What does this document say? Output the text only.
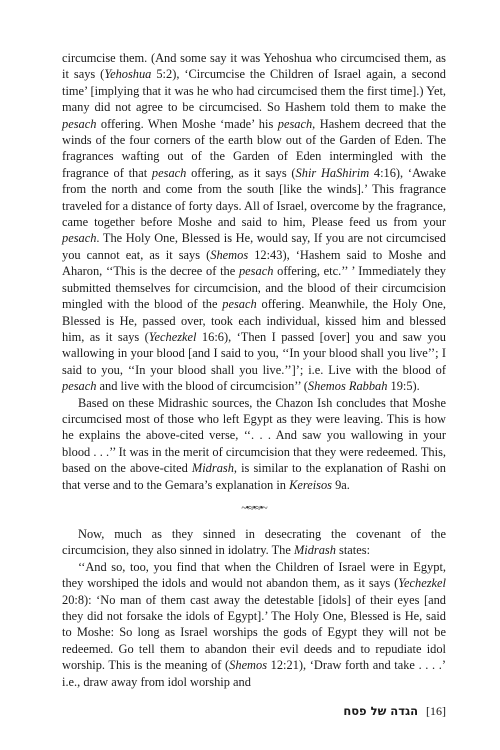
circumcise them. (And some say it was Yehoshua who circumcised them, as it says (Yehoshua 5:2), ‘Circumcise the Children of Israel again, a second time’ [implying that it was he who had circumcised them the first time].) Yet, many did not agree to be circumcised. So Hashem told them to make the pesach offering. When Moshe ‘made’ his pesach, Hashem decreed that the winds of the four corners of the earth blow out of the Garden of Eden. The fragrances wafting out of the Garden of Eden intermingled with the fragrance of that pesach offering, as it says (Shir HaShirim 4:16), ‘Awake from the north and come from the south [like the winds].’ This fragrance traveled for a distance of forty days. All of Israel, overcome by the fragrance, came together before Moshe and said to him, Please feed us from your pesach. The Holy One, Blessed is He, would say, If you are not circumcised you cannot eat, as it says (Shemos 12:43), ‘Hashem said to Moshe and Aharon, ‘‘This is the decree of the pesach offering, etc.’’ ’ Immediately they submitted themselves for circumcision, and the blood of their circumcision mingled with the blood of the pesach offering. Meanwhile, the Holy One, Blessed is He, passed over, took each individual, kissed him and blessed him, as it says (Yechezkel 16:6), ‘Then I passed [over] you and saw you wallowing in your blood [and I said to you, ‘‘In your blood shall you live’’; I said to you, ‘‘In your blood shall you live.’’]’; i.e. Live with the blood of pesach and live with the blood of circumcision’’ (Shemos Rabbah 19:5).

Based on these Midrashic sources, the Chazon Ish concludes that Moshe circumcised most of those who left Egypt as they were leaving. This is how he explains the above-cited verse, ‘‘. . . And saw you wallowing in your blood . . .’’ It was in the merit of circumcision that they were redeemed. This, based on the above-cited Midrash, is similar to the explanation of Rashi on that verse and to the Gemara’s explanation in Kereisos 9a.

~•≈•≈•~

Now, much as they sinned in desecrating the covenant of the circumcision, they also sinned in idolatry. The Midrash states:

‘‘And so, too, you find that when the Children of Israel were in Egypt, they worshiped the idols and would not abandon them, as it says (Yechezkel 20:8): ‘No man of them cast away the detestable [idols] of their eyes [and they did not forsake the idols of Egypt].’ The Holy One, Blessed is He, said to Moshe: So long as Israel worships the gods of Egypt they will not be redeemed. Go tell them to abandon their evil deeds and to repudiate idol worship. This is the meaning of (Shemos 12:21), ‘Draw forth and take . . . .’ i.e., draw away from idol worship and

הגדה של פסח [16]
